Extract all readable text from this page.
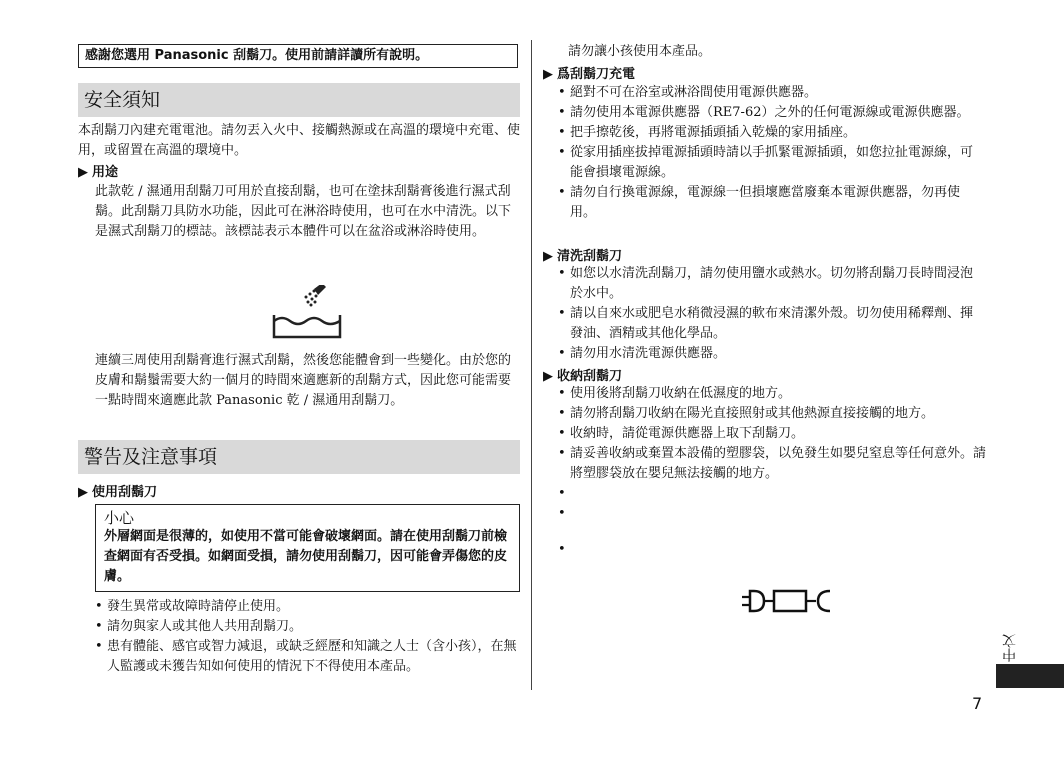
感謝您選用 Panasonic 刮鬍刀。使用前請詳讀所有說明。
安全須知
本刮鬍刀內建充電電池。請勿丟入火中、接觸熱源或在高溫的環境中充電、使用，或留置在高溫的環境中。
▶ 用途
此款乾 / 濕通用刮鬍刀可用於直接刮鬍，也可在塗抹刮鬍膏後進行濕式刮鬍。此刮鬍刀具防水功能，因此可在淋浴時使用，也可在水中清洗。以下是濕式刮鬍刀的標誌。該標誌表示本體件可以在盆浴或淋浴時使用。
連續三周使用刮鬍膏進行濕式刮鬍，然後您能體會到一些變化。由於您的皮膚和鬍鬚需要大約一個月的時間來適應新的刮鬍方式，因此您可能需要一點時間來適應此款 Panasonic 乾 / 濕通用刮鬍刀。
警告及注意事項
▶ 使用刮鬍刀
小心
外層網面是很薄的，如使用不當可能會破壞網面。請在使用刮鬍刀前檢查網面有否受損。如網面受損，請勿使用刮鬍刀，因可能會弄傷您的皮膚。
• 發生異常或故障時請停止使用。
• 請勿與家人或其他人共用刮鬍刀。
• 患有體能、感官或智力減退，或缺乏經歷和知識之人士（含小孩），在無人監護或未獲告知如何使用的情況下不得使用本產品。
請勿讓小孩使用本產品。
▶ 爲刮鬍刀充電
• 絕對不可在浴室或淋浴間使用電源供應器。
• 請勿使用本電源供應器（RE7-62）之外的任何電源線或電源供應器。
• 把手擦乾後，再將電源插頭插入乾燥的家用插座。
• 從家用插座拔掉電源插頭時請以手抓緊電源插頭，如您拉扯電源線，可能會損壞電源線。
• 請勿自行換電源線，電源線一但損壞應當廢棄本電源供應器，勿再使用。
▶ 清洗刮鬍刀
• 如您以水清洗刮鬍刀，請勿使用鹽水或熱水。切勿將刮鬍刀長時間浸泡於水中。
• 請以自來水或肥皂水稍微浸濕的軟布來清潔外殼。切勿使用稀釋劑、揮發油、酒精或其他化學品。
• 請勿用水清洗電源供應器。
▶ 收納刮鬍刀
• 使用後將刮鬍刀收納在低濕度的地方。
• 請勿將刮鬍刀收納在陽光直接照射或其他熱源直接接觸的地方。
• 收納時，請從電源供應器上取下刮鬍刀。
• 請妥善收納或棄置本設備的塑膠袋，以免發生如嬰兒窒息等任何意外。請將塑膠袋放在嬰兒無法接觸的地方。
•
•
•
中文
7
